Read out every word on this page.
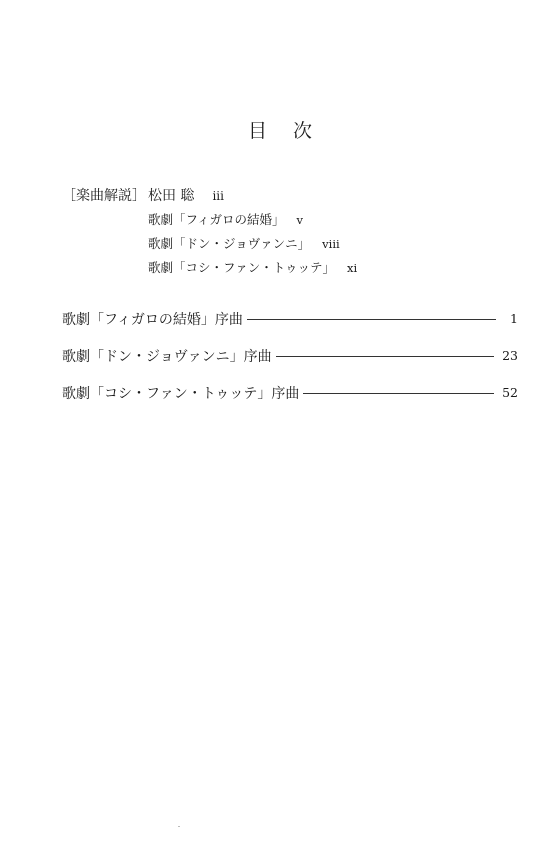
目次
［楽曲解説］ 松田 聡 iii
歌劇「フィガロの結婚」 v
歌劇「ドン・ジョヴァンニ」 viii
歌劇「コシ・ファン・トゥッテ」 xi
歌劇「フィガロの結婚」序曲	1
歌劇「ドン・ジョヴァンニ」序曲	23
歌劇「コシ・ファン・トゥッテ」序曲	52
